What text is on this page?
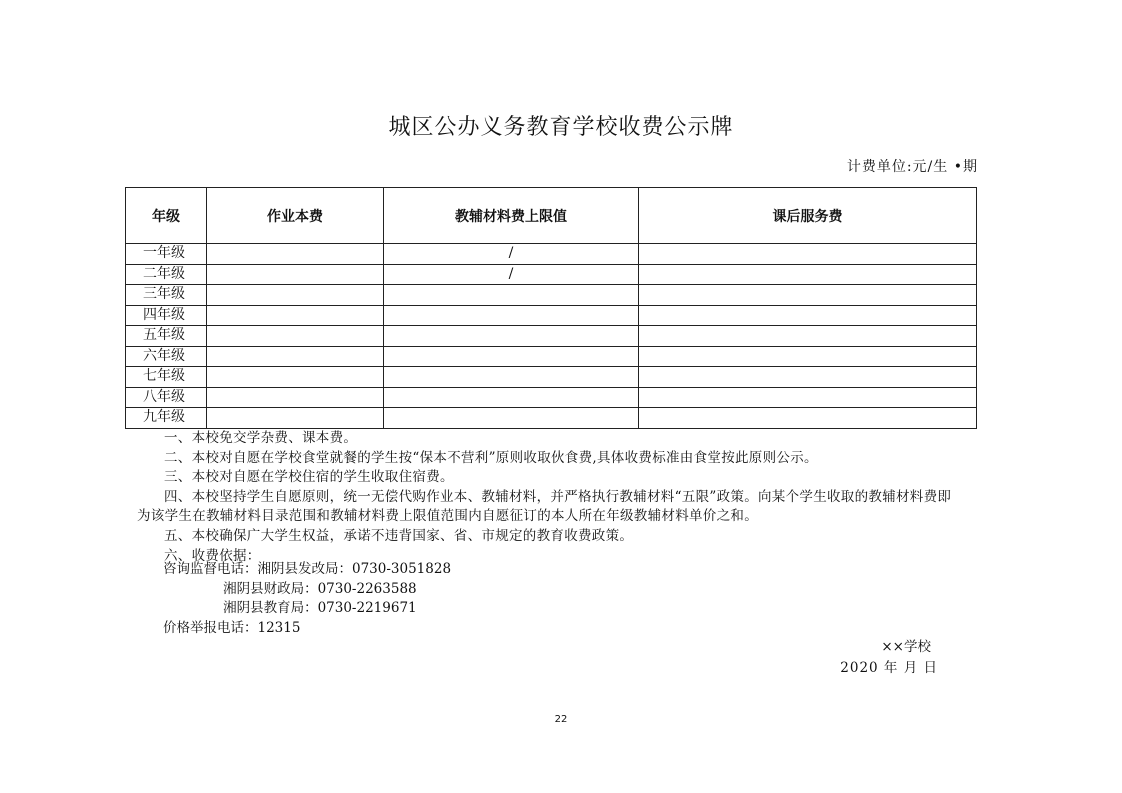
城区公办义务教育学校收费公示牌
计费单位:元/生 •期
年级	作业本费	教辅材料费上限值	课后服务费
一年级		/	
二年级		/	
三年级			
四年级			
五年级			
六年级			
七年级			
八年级			
九年级			

一、本校免交学杂费、课本费。

二、本校对自愿在学校食堂就餐的学生按“保本不营利”原则收取伙食费,具体收费标准由食堂按此原则公示。

三、本校对自愿在学校住宿的学生收取住宿费。

四、本校坚持学生自愿原则，统一无偿代购作业本、教辅材料，并严格执行教辅材料“五限”政策。向某个学生收取的教辅材料费即为该学生在教辅材料目录范围和教辅材料费上限值范围内自愿征订的本人所在年级教辅材料单价之和。

五、本校确保广大学生权益，承诺不违背国家、省、市规定的教育收费政策。

六、收费依据：

咨询监督电话：湘阴县发改局：0730-3051828

湘阴县财政局：0730-2263588

湘阴县教育局：0730-2219671

价格举报电话：12315

××学校
2020 年 月 日
22
